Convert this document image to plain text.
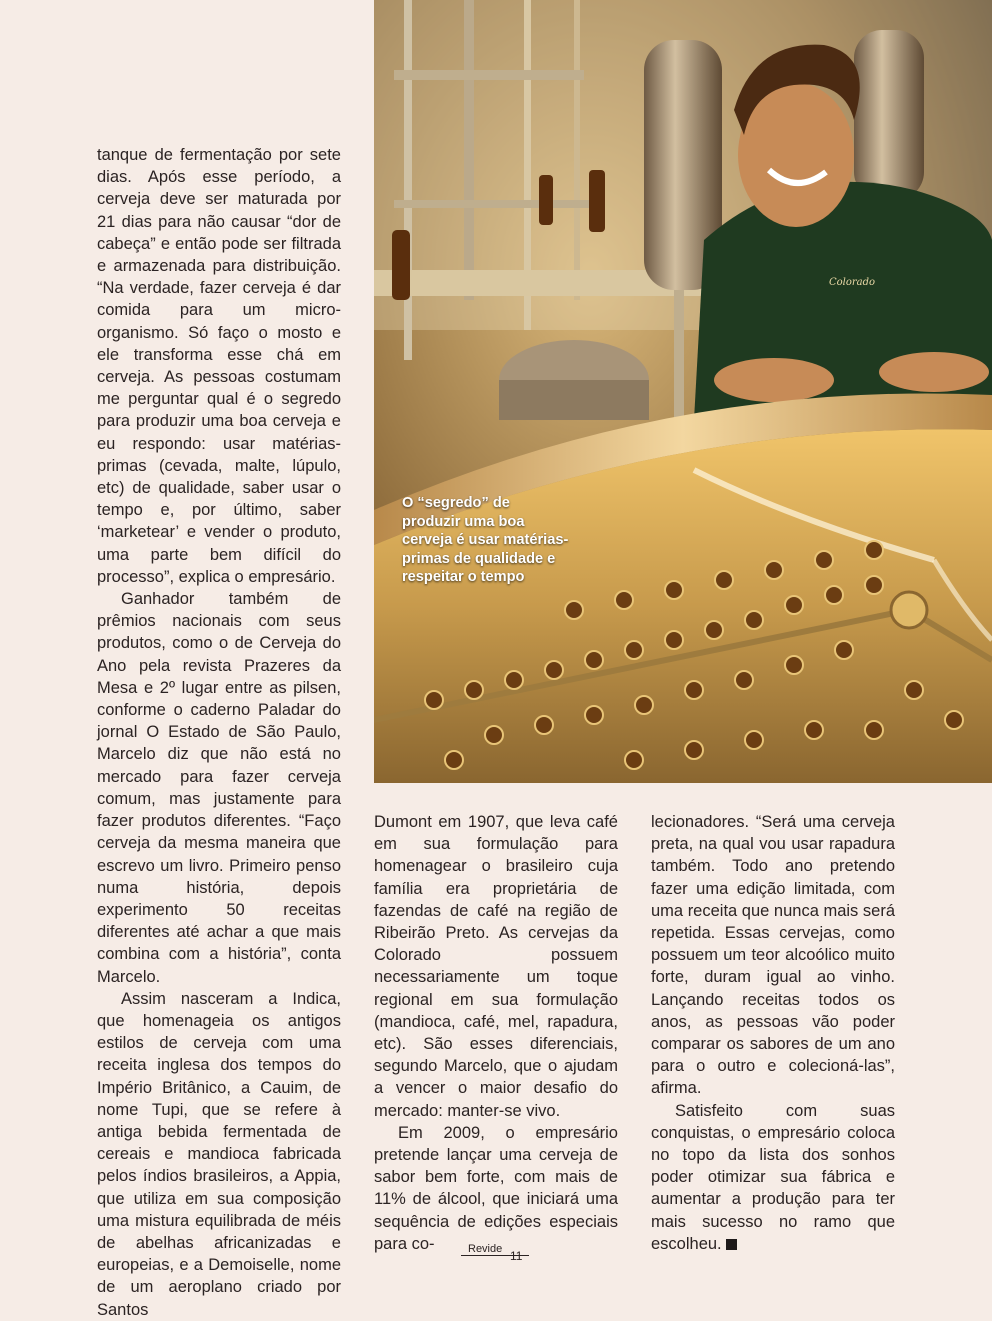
tanque de fermentação por sete dias. Após esse período, a cerveja deve ser maturada por 21 dias para não causar “dor de cabeça” e então pode ser filtrada e armazenada para distribuição. “Na verdade, fazer cerveja é dar comida para um micro-organismo. Só faço o mosto e ele transforma esse chá em cerveja. As pessoas costumam me perguntar qual é o segredo para produzir uma boa cerveja e eu respondo: usar matérias-primas (cevada, malte, lúpulo, etc) de qualidade, saber usar o tempo e, por último, saber ‘marketear’ e vender o produto, uma parte bem difícil do processo”, explica o empresário.

Ganhador também de prêmios nacionais com seus produtos, como o de Cerveja do Ano pela revista Prazeres da Mesa e 2º lugar entre as pilsen, conforme o caderno Paladar do jornal O Estado de São Paulo, Marcelo diz que não está no mercado para fazer cerveja comum, mas justamente para fazer produtos diferentes. “Faço cerveja da mesma maneira que escrevo um livro. Primeiro penso numa história, depois experimento 50 receitas diferentes até achar a que mais combina com a história”, conta Marcelo.

Assim nasceram a Indica, que homenageia os antigos estilos de cerveja com uma receita inglesa dos tempos do Império Britânico, a Cauim, de nome Tupi, que se refere à antiga bebida fermentada de cereais e mandioca fabricada pelos índios brasileiros, a Appia, que utiliza em sua composição uma mistura equilibrada de méis de abelhas africanizadas e europeias, e a Demoiselle, nome de um aeroplano criado por Santos

Colorado
O “segredo” de produzir uma boa cerveja é usar matérias-primas de qualidade e respeitar o tempo

Dumont em 1907, que leva café em sua formulação para homenagear o brasileiro cuja família era proprietária de fazendas de café na região de Ribeirão Preto. As cervejas da Colorado possuem necessariamente um toque regional em sua formulação (mandioca, café, mel, rapadura, etc). São esses diferenciais, segundo Marcelo, que o ajudam a vencer o maior desafio do mercado: manter-se vivo.

Em 2009, o empresário pretende lançar uma cerveja de sabor bem forte, com mais de 11% de álcool, que iniciará uma sequência de edições especiais para co-

lecionadores. “Será uma cerveja preta, na qual vou usar rapadura também. Todo ano pretendo fazer uma edição limitada, com uma receita que nunca mais será repetida. Essas cervejas, como possuem um teor alcoólico muito forte, duram igual ao vinho. Lançando receitas todos os anos, as pessoas vão poder comparar os sabores de um ano para o outro e colecioná-las”, afirma.

Satisfeito com suas conquistas, o empresário coloca no topo da lista dos sonhos poder otimizar sua fábrica e aumentar a produção para ter mais sucesso no ramo que escolheu.

Revide 11
